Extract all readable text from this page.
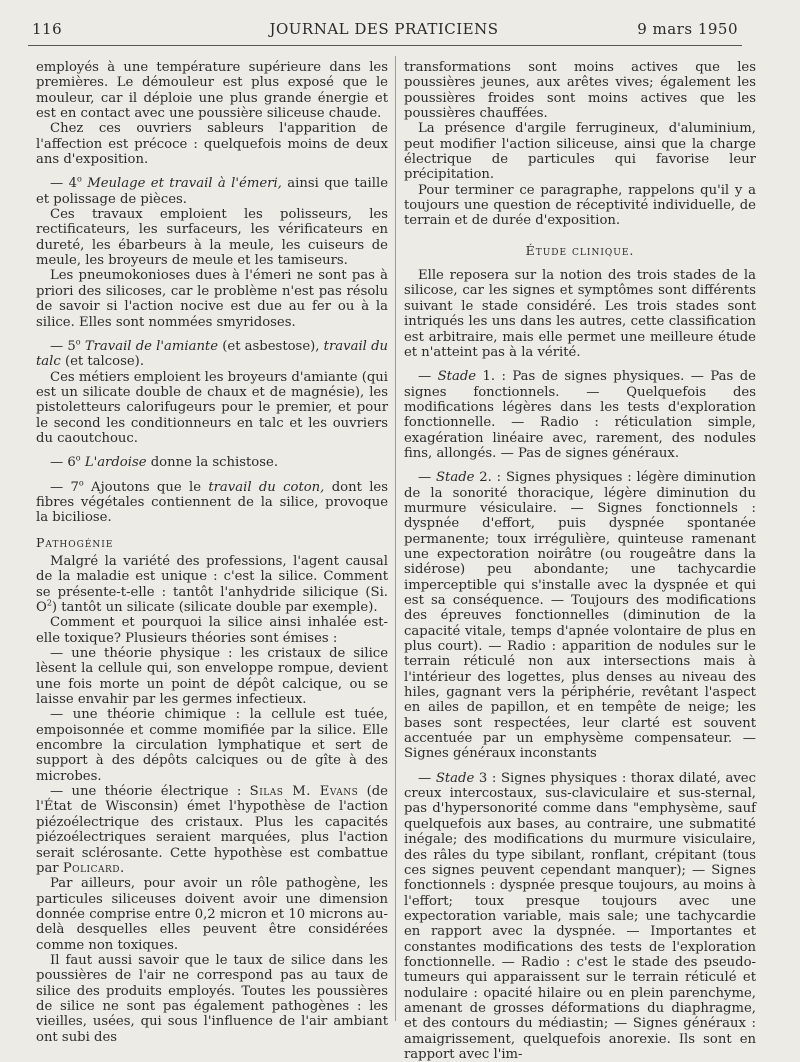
116	JOURNAL DES PRATICIENS	9 mars 1950

employés à une température supérieure dans les premières. Le démouleur est plus exposé que le mouleur, car il déploie une plus grande énergie et est en contact avec une poussière siliceuse chaude.

Chez ces ouvriers sableurs l'apparition de l'affection est précoce : quelquefois moins de deux ans d'exposition.

— 4$^o$ Meulage et travail à l'émeri, ainsi que taille et polissage de pièces.

Ces travaux emploient les polisseurs, les rectificateurs, les surfaceurs, les vérificateurs en dureté, les ébarbeurs à la meule, les cuiseurs de meule, les broyeurs de meule et les tamiseurs.

Les pneumokonioses dues à l'émeri ne sont pas à priori des silicoses, car le problème n'est pas résolu de savoir si l'action nocive est due au fer ou à la silice. Elles sont nommées smyridoses.

— 5$^o$ Travail de l'amiante (et asbestose), travail du talc (et talcose).

Ces métiers emploient les broyeurs d'amiante (qui est un silicate double de chaux et de magnésie), les pistoletteurs calorifugeurs pour le premier, et pour le second les conditionneurs en talc et les ouvriers du caoutchouc.

— 6$^o$ L'ardoise donne la schistose.

— 7$^o$ Ajoutons que le travail du coton, dont les fibres végétales contiennent de la silice, provoque la biciliose.

Pathogénie

Malgré la variété des professions, l'agent causal de la maladie est unique : c'est la silice. Comment se présente-t-elle : tantôt l'anhydride silicique (Si. $O^2$) tantôt un silicate (silicate double par exemple).

Comment et pourquoi la silice ainsi inhalée est-elle toxique? Plusieurs théories sont émises :

— une théorie physique : les cristaux de silice lèsent la cellule qui, son enveloppe rompue, devient une fois morte un point de dépôt calcique, ou se laisse envahir par les germes infectieux.

— une théorie chimique : la cellule est tuée, empoisonnée et comme momifiée par la silice. Elle encombre la circulation lymphatique et sert de support à des dépôts calciques ou de gîte à des microbes.

— une théorie électrique : Silas M. Evans (de l'État de Wisconsin) émet l'hypothèse de l'action piézoélectrique des cristaux. Plus les capacités piézoélectriques seraient marquées, plus l'action serait sclérosante. Cette hypothèse est combattue par Policard.

Par ailleurs, pour avoir un rôle pathogène, les particules siliceuses doivent avoir une dimension donnée comprise entre 0,2 micron et 10 microns au-delà desquelles elles peuvent être considérées comme non toxiques.

Il faut aussi savoir que le taux de silice dans les poussières de l'air ne correspond pas au taux de silice des produits employés. Toutes les poussières de silice ne sont pas également pathogènes : les vieilles, usées, qui sous l'influence de l'air ambiant ont subi des

transformations sont moins actives que les poussières jeunes, aux arêtes vives; également les poussières froides sont moins actives que les poussières chauffées.

La présence d'argile ferrugineux, d'aluminium, peut modifier l'action siliceuse, ainsi que la charge électrique de particules qui favorise leur précipitation.

Pour terminer ce paragraphe, rappelons qu'il y a toujours une question de réceptivité individuelle, de terrain et de durée d'exposition.

Étude clinique.

Elle reposera sur la notion des trois stades de la silicose, car les signes et symptômes sont différents suivant le stade considéré. Les trois stades sont intriqués les uns dans les autres, cette classification est arbitraire, mais elle permet une meilleure étude et n'atteint pas à la vérité.

— Stade 1. : Pas de signes physiques. — Pas de signes fonctionnels. — Quelquefois des modifications légères dans les tests d'exploration fonctionnelle. — Radio : réticulation simple, exagération linéaire avec, rarement, des nodules fins, allongés. — Pas de signes généraux.

— Stade 2. : Signes physiques : légère diminution de la sonorité thoracique, légère diminution du murmure vésiculaire. — Signes fonctionnels : dyspnée d'effort, puis dyspnée spontanée permanente; toux irrégulière, quinteuse ramenant une expectoration noirâtre (ou rougeâtre dans la sidérose) peu abondante; une tachycardie imperceptible qui s'installe avec la dyspnée et qui est sa conséquence. — Toujours des modifications des épreuves fonctionnelles (diminution de la capacité vitale, temps d'apnée volontaire de plus en plus court). — Radio : apparition de nodules sur le terrain réticulé non aux intersections mais à l'intérieur des logettes, plus denses au niveau des hiles, gagnant vers la périphérie, revêtant l'aspect en ailes de papillon, et en tempête de neige; les bases sont respectées, leur clarté est souvent accentuée par un emphysème compensateur. — Signes généraux inconstants

— Stade 3 : Signes physiques : thorax dilaté, avec creux intercostaux, sus-claviculaire et sus-sternal, pas d'hypersonorité comme dans "emphysème, sauf quelquefois aux bases, au contraire, une submatité inégale; des modifications du murmure visiculaire, des râles du type sibilant, ronflant, crépitant (tous ces signes peuvent cependant manquer); — Signes fonctionnels : dyspnée presque toujours, au moins à l'effort; toux presque toujours avec une expectoration variable, mais sale; une tachycardie en rapport avec la dyspnée. — Importantes et constantes modifications des tests de l'exploration fonctionnelle. — Radio : c'est le stade des pseudo-tumeurs qui apparaissent sur le terrain réticulé et nodulaire : opacité hilaire ou en plein parenchyme, amenant de grosses déformations du diaphragme, et des contours du médiastin; — Signes généraux : amaigrissement, quelquefois anorexie. Ils sont en rapport avec l'im-
